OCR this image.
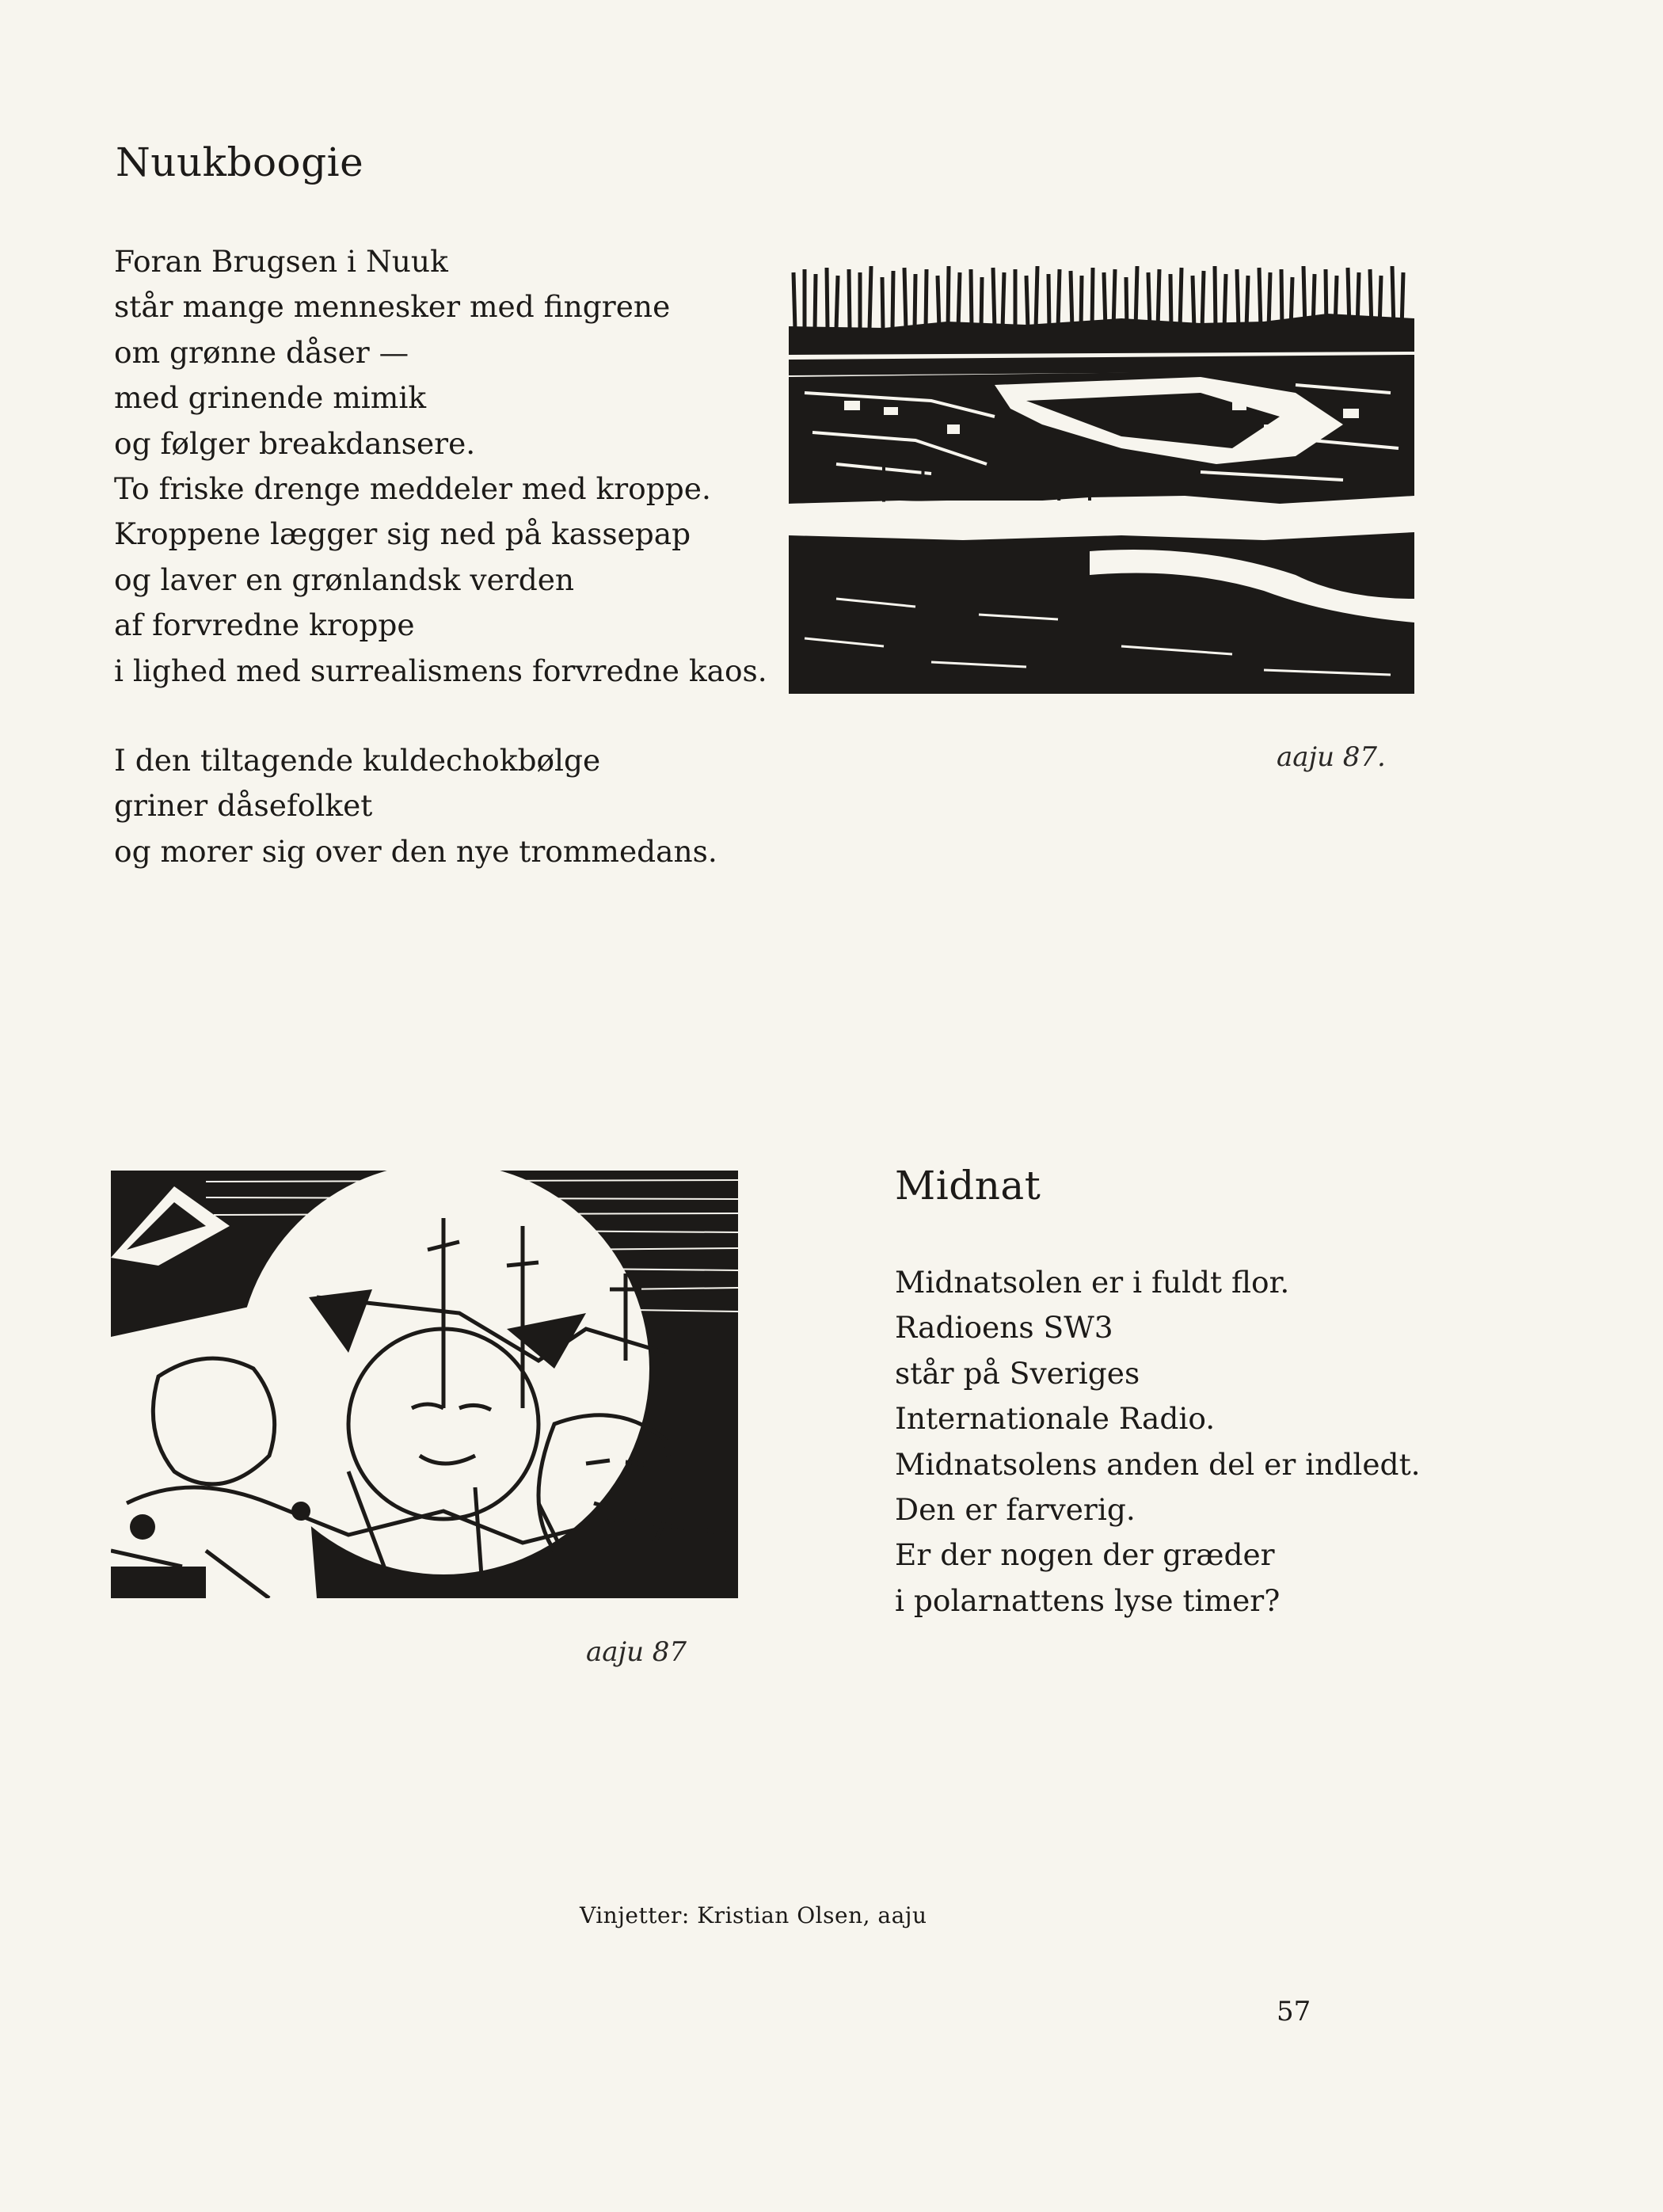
Nuukboogie
Foran Brugsen i Nuuk
står mange mennesker med fingrene
om grønne dåser —
med grinende mimik
og følger breakdansere.
To friske drenge meddeler med kroppe.
Kroppene lægger sig ned på kassepap
og laver en grønlandsk verden
af forvredne kroppe
i lighed med surrealismens forvredne kaos.
I den tiltagende kuldechokbølge
griner dåsefolket
og morer sig over den nye trommedans.
aaju 87.
aaju 87
Midnat
Midnatsolen er i fuldt flor.
Radioens SW3
står på Sveriges
Internationale Radio.
Midnatsolens anden del er indledt.
Den er farverig.
Er der nogen der græder
i polarnattens lyse timer?
Vinjetter: Kristian Olsen, aaju
57
